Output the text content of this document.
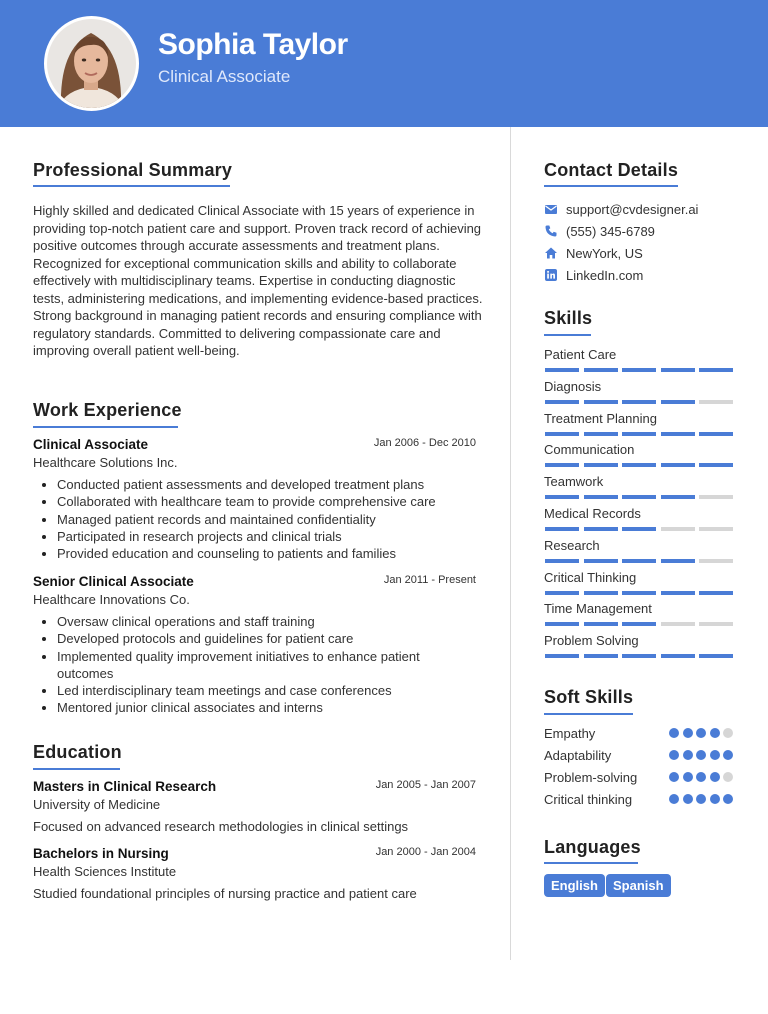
Sophia Taylor
Clinical Associate
Professional Summary
Highly skilled and dedicated Clinical Associate with 15 years of experience in providing top-notch patient care and support. Proven track record of achieving positive outcomes through accurate assessments and treatment plans. Recognized for exceptional communication skills and ability to collaborate effectively with multidisciplinary teams. Expertise in conducting diagnostic tests, administering medications, and implementing evidence-based practices. Strong background in managing patient records and ensuring compliance with regulatory standards. Committed to delivering compassionate care and improving overall patient well-being.
Work Experience
Clinical Associate	Jan 2006 - Dec 2010
Healthcare Solutions Inc.
Conducted patient assessments and developed treatment plans
Collaborated with healthcare team to provide comprehensive care
Managed patient records and maintained confidentiality
Participated in research projects and clinical trials
Provided education and counseling to patients and families
Senior Clinical Associate	Jan 2011 - Present
Healthcare Innovations Co.
Oversaw clinical operations and staff training
Developed protocols and guidelines for patient care
Implemented quality improvement initiatives to enhance patient outcomes
Led interdisciplinary team meetings and case conferences
Mentored junior clinical associates and interns
Education
Masters in Clinical Research	Jan 2005 - Jan 2007
University of Medicine
Focused on advanced research methodologies in clinical settings
Bachelors in Nursing	Jan 2000 - Jan 2004
Health Sciences Institute
Studied foundational principles of nursing practice and patient care
Contact Details
support@cvdesigner.ai
(555) 345-6789
NewYork, US
LinkedIn.com
Skills
Patient Care
Diagnosis
Treatment Planning
Communication
Teamwork
Medical Records
Research
Critical Thinking
Time Management
Problem Solving
Soft Skills
Empathy
Adaptability
Problem-solving
Critical thinking
Languages
English	Spanish
